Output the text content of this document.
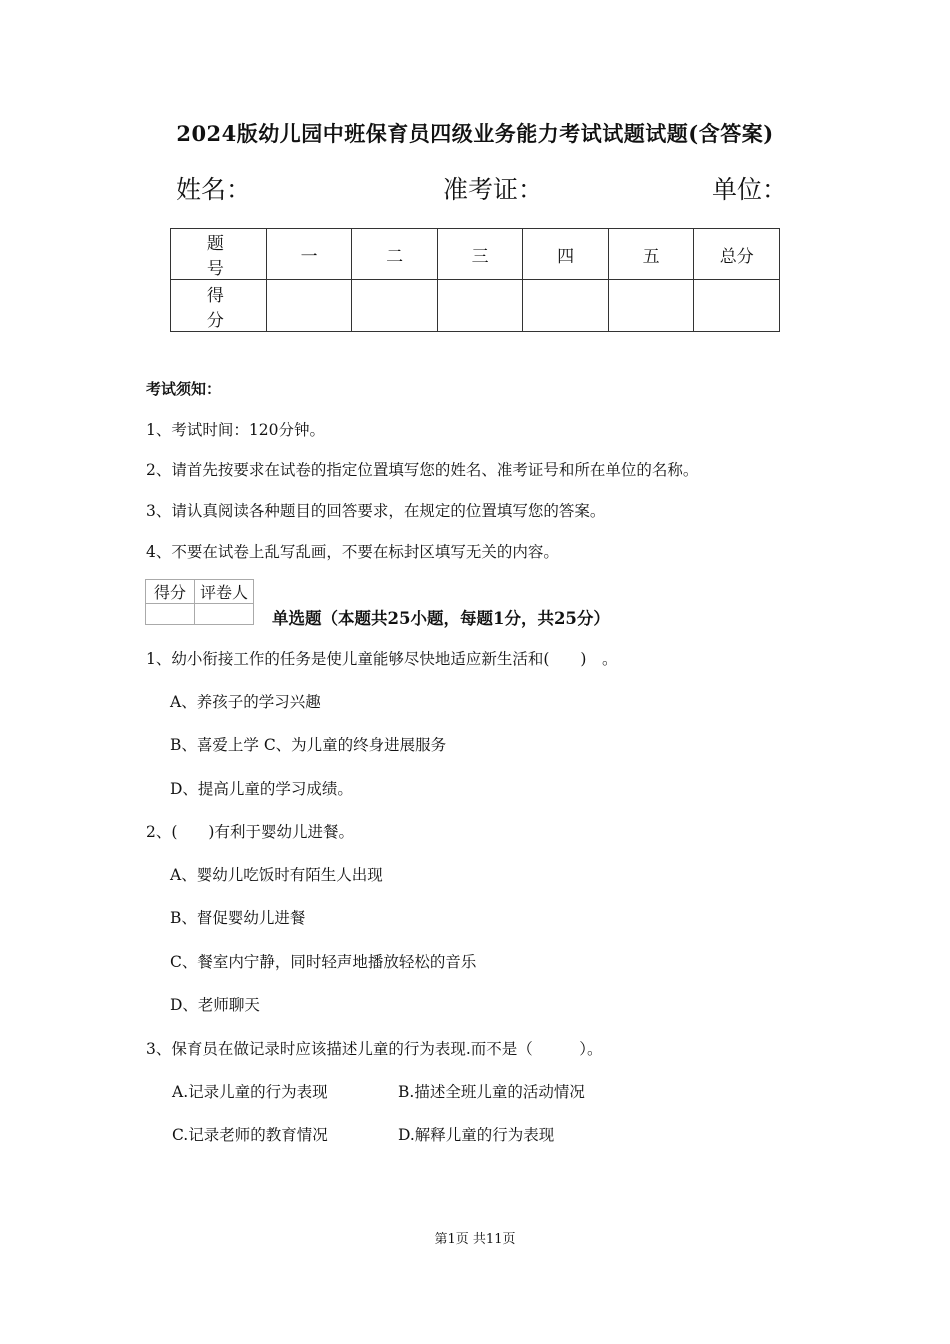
2024版幼儿园中班保育员四级业务能力考试试题试题(含答案)
姓名：	准考证：	单位：
题 号	一	二	三	四	五	总分
得 分						
考试须知：
1、考试时间：120分钟。
2、请首先按要求在试卷的指定位置填写您的姓名、准考证号和所在单位的名称。
3、请认真阅读各种题目的回答要求，在规定的位置填写您的答案。
4、不要在试卷上乱写乱画，不要在标封区填写无关的内容。
得分	评卷人

单选题（本题共25小题，每题1分，共25分）
1、幼小衔接工作的任务是使儿童能够尽快地适应新生活和(　　)　。
A、养孩子的学习兴趣
B、喜爱上学 C、为儿童的终身进展服务
D、提高儿童的学习成绩。
2、(　　)有利于婴幼儿进餐。
A、婴幼儿吃饭时有陌生人出现
B、督促婴幼儿进餐
C、餐室内宁静，同时轻声地播放轻松的音乐
D、老师聊天
3、保育员在做记录时应该描述儿童的行为表现.而不是（　　　）。
A.记录儿童的行为表现	B.描述全班儿童的活动情况
C.记录老师的教育情况	D.解释儿童的行为表现
第1页 共11页
